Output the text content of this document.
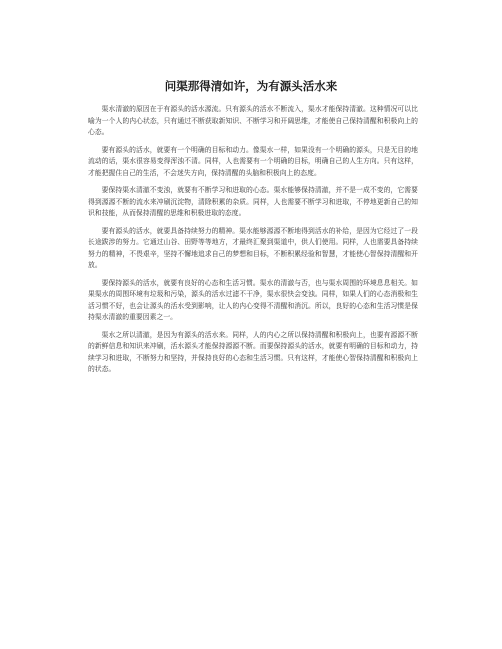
问渠那得清如许，为有源头活水来

渠水清澈的原因在于有源头的活水源流。只有源头的活水不断流入，渠水才能保持清澈。这种情况可以比喻为一个人的内心状态，只有通过不断获取新知识、不断学习和开阔思维，才能使自己保持清醒和积极向上的心态。

要有源头的活水，就要有一个明确的目标和动力。像渠水一样，如果没有一个明确的源头，只是无目的地流动的话，渠水很容易变得浑浊不清。同样，人也需要有一个明确的目标，明确自己的人生方向。只有这样，才能把握住自己的生活，不会迷失方向，保持清醒的头脑和积极向上的态度。

要保持渠水清澈不变浊，就要有不断学习和进取的心态。渠水能够保持清澈，并不是一成不变的，它需要得到源源不断的流水来冲刷沉淀物，清除积累的杂质。同样，人也需要不断学习和进取，不停地更新自己的知识和技能，从而保持清醒的思维和积极进取的态度。

要有源头的活水，就要具备持续努力的精神。渠水能够源源不断地得到活水的补给，是因为它经过了一段长途跋涉的努力。它通过山谷、田野等等地方，才最终汇聚到渠道中，供人们使用。同样，人也需要具备持续努力的精神，不畏艰辛，坚持不懈地追求自己的梦想和目标，不断积累经验和智慧，才能使心智保持清醒和开放。

要保持源头的活水，就要有良好的心态和生活习惯。渠水的清澈与否，也与渠水周围的环境息息相关。如果渠水的周围环境有垃圾和污染，源头的活水过滤不干净，渠水很快会变浊。同样，如果人们的心态消极和生活习惯不好，也会让源头的活水受到影响，让人的内心变得不清醒和消沉。所以，良好的心态和生活习惯是保持渠水清澈的重要因素之一。

渠水之所以清澈，是因为有源头的活水来。同样，人的内心之所以保持清醒和积极向上，也要有源源不断的新鲜信息和知识来冲刷，活水源头才能保持源源不断。而要保持源头的活水，就要有明确的目标和动力，持续学习和进取，不断努力和坚持，并保持良好的心态和生活习惯。只有这样，才能使心智保持清醒和积极向上的状态。
